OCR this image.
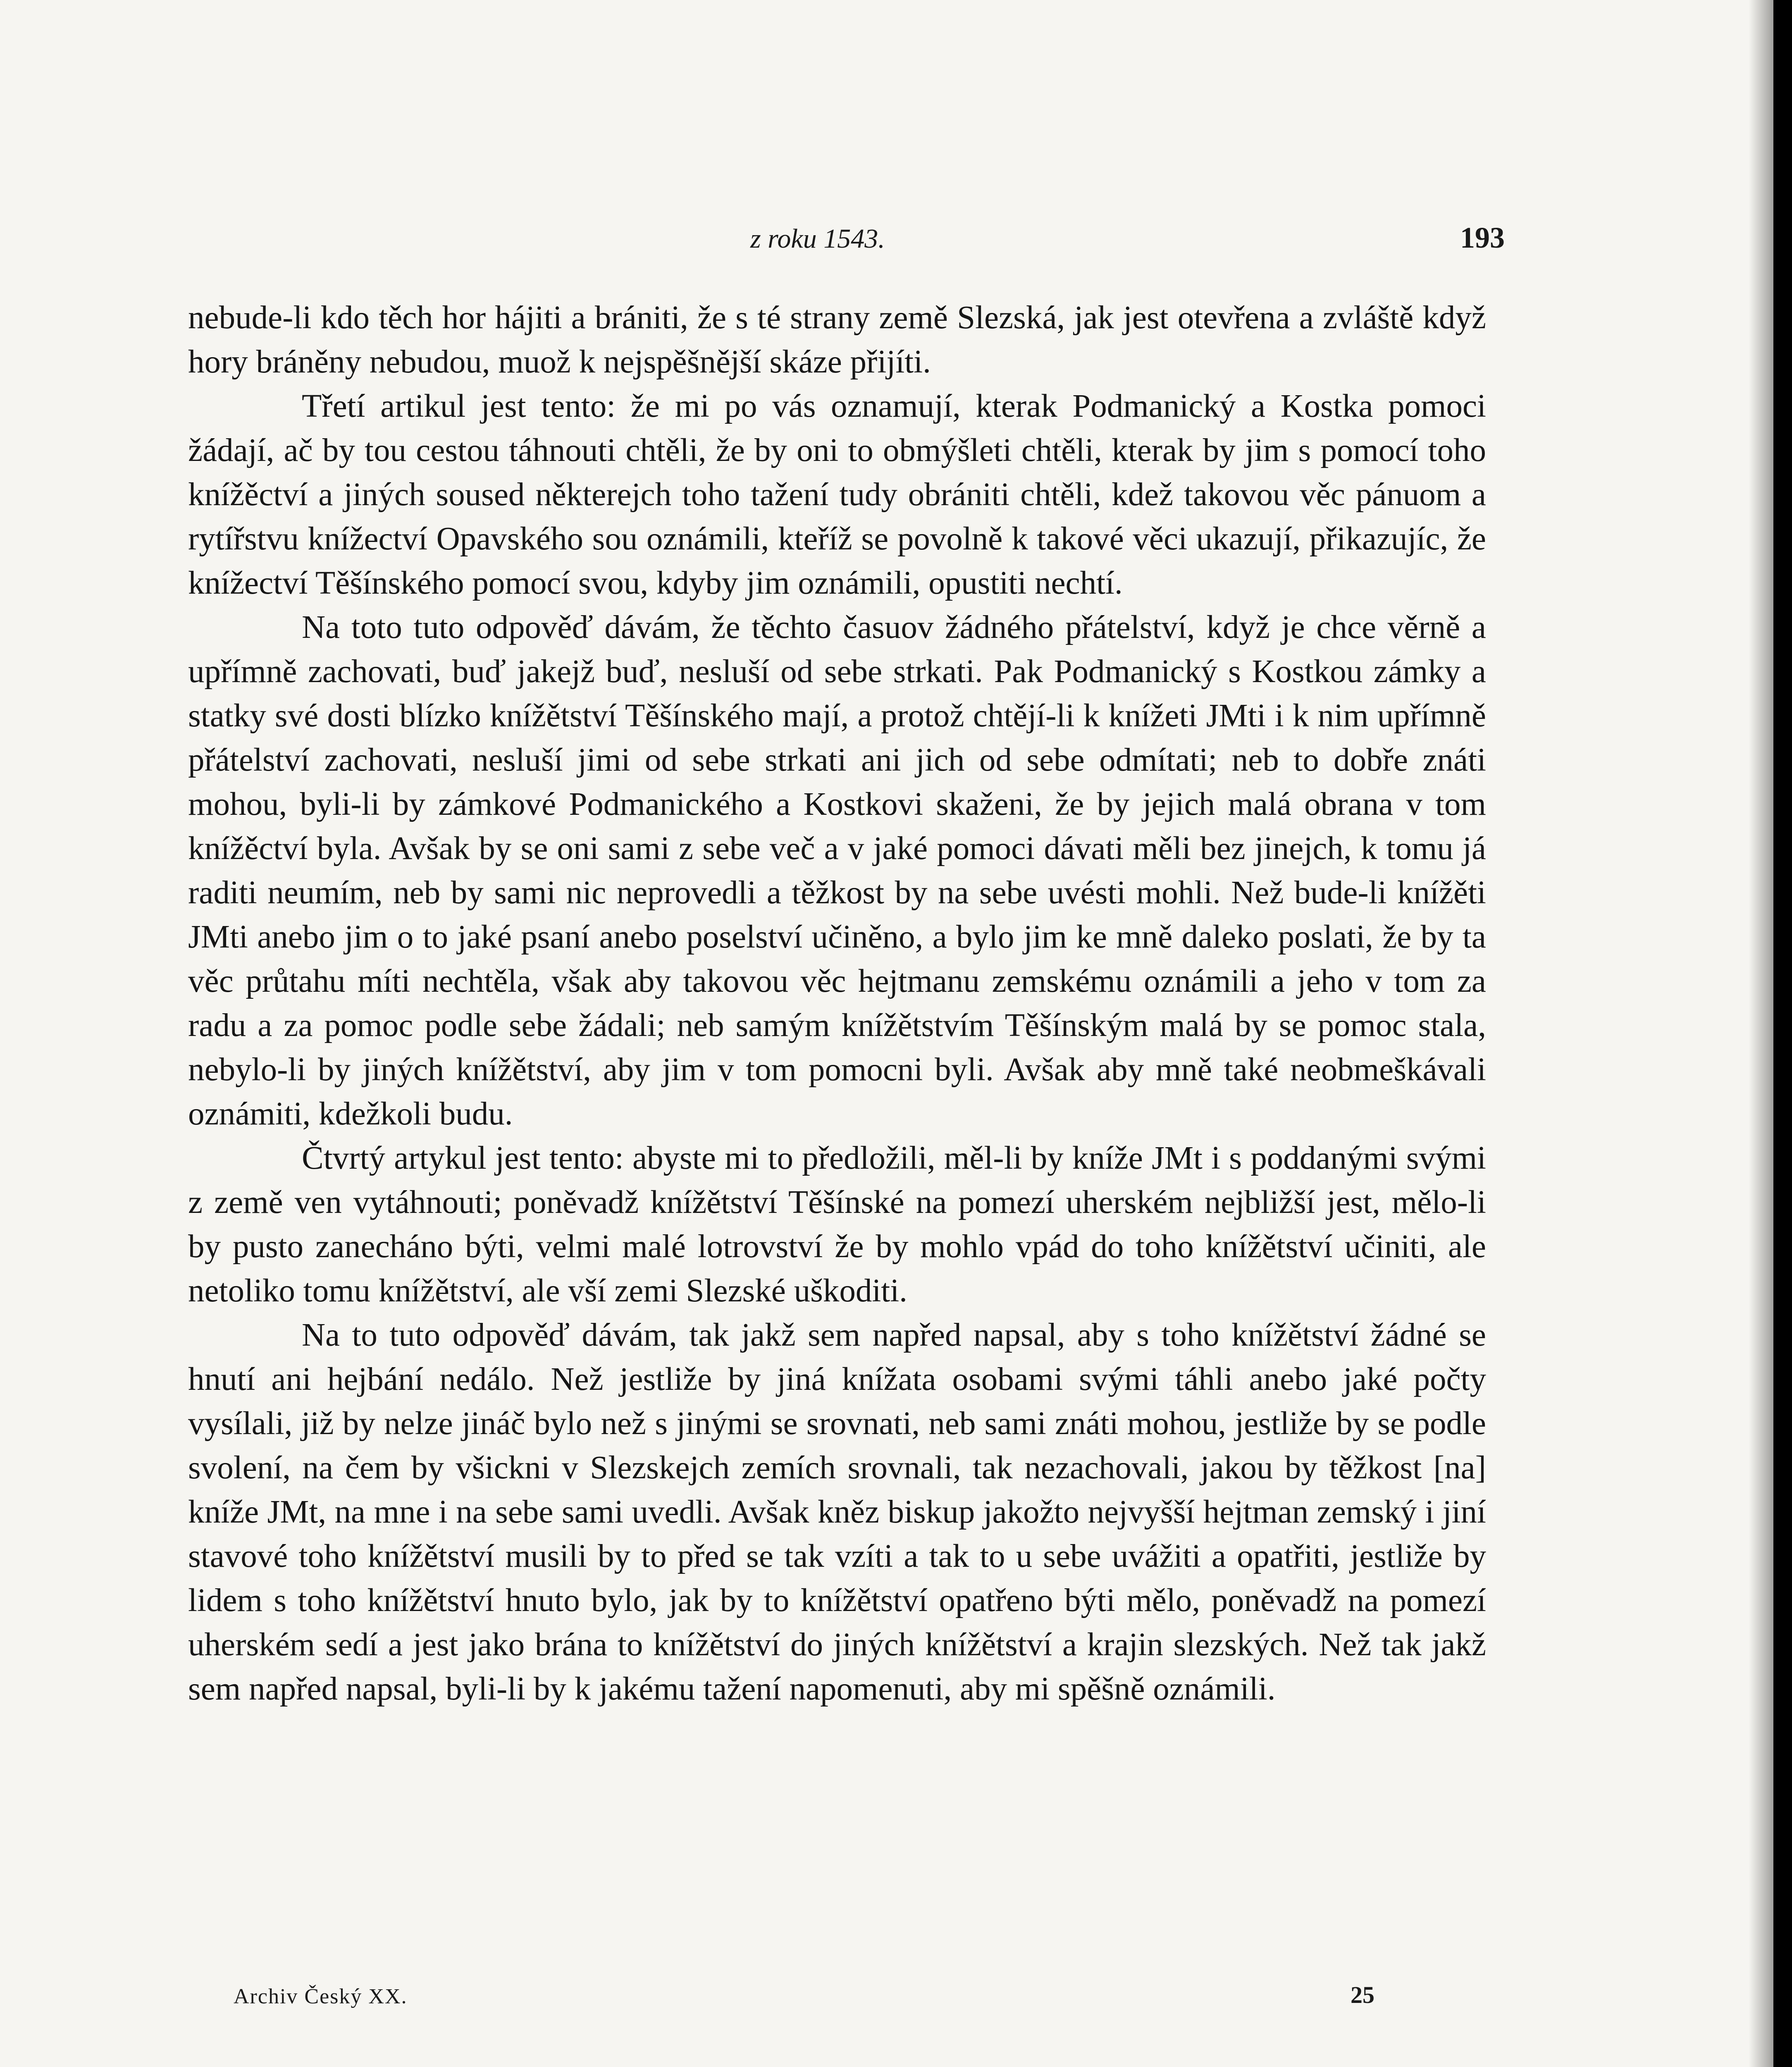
z roku 1543.	193

nebude-li kdo těch hor hájiti a brániti, že s té strany země Slezská, jak jest otevřena a zvláště když hory bráněny nebudou, muož k nejspěšnější skáze přijíti.

Třetí artikul jest tento: že mi po vás oznamují, kterak Podmanický a Kostka pomoci žádají, ač by tou cestou táhnouti chtěli, že by oni to obmýšleti chtěli, kterak by jim s pomocí toho knížěctví a jiných soused některejch toho tažení tudy obrániti chtěli, kdež takovou věc pánuom a rytířstvu knížectví Opavského sou oznámili, kteříž se povolně k takové věci ukazují, přikazujíc, že knížectví Těšínského pomocí svou, kdyby jim oznámili, opustiti nechtí.

Na toto tuto odpověď dávám, že těchto časuov žádného přátelství, když je chce věrně a upřímně zachovati, buď jakejž buď, nesluší od sebe strkati. Pak Podmanický s Kostkou zámky a statky své dosti blízko knížětství Těšínského mají, a protož chtějí-li k knížeti JMti i k nim upřímně přátelství zachovati, nesluší jimi od sebe strkati ani jich od sebe odmítati; neb to dobře znáti mohou, byli-li by zámkové Podmanického a Kostkovi skaženi, že by jejich malá obrana v tom knížěctví byla. Avšak by se oni sami z sebe več a v jaké pomoci dávati měli bez jinejch, k tomu já raditi neumím, neb by sami nic neprovedli a těžkost by na sebe uvésti mohli. Než bude-li knížěti JMti anebo jim o to jaké psaní anebo poselství učiněno, a bylo jim ke mně daleko poslati, že by ta věc průtahu míti nechtěla, však aby takovou věc hejtmanu zemskému oznámili a jeho v tom za radu a za pomoc podle sebe žádali; neb samým knížětstvím Těšínským malá by se pomoc stala, nebylo-li by jiných knížětství, aby jim v tom pomocni byli. Avšak aby mně také neobmeškávali oznámiti, kdežkoli budu.

Čtvrtý artykul jest tento: abyste mi to předložili, měl-li by kníže JMt i s poddanými svými z země ven vytáhnouti; poněvadž knížětství Těšínské na pomezí uherském nejbližší jest, mělo-li by pusto zanecháno býti, velmi malé lotrovství že by mohlo vpád do toho knížětství učiniti, ale netoliko tomu knížětství, ale vší zemi Slezské uškoditi.

Na to tuto odpověď dávám, tak jakž sem napřed napsal, aby s toho knížětství žádné se hnutí ani hejbání nedálo. Než jestliže by jiná knížata osobami svými táhli anebo jaké počty vysílali, již by nelze jináč bylo než s jinými se srovnati, neb sami znáti mohou, jestliže by se podle svolení, na čem by všickni v Slezskejch zemích srovnali, tak nezachovali, jakou by těžkost [na] kníže JMt, na mne i na sebe sami uvedli. Avšak kněz biskup jakožto nejvyšší hejtman zemský i jiní stavové toho knížětství musili by to před se tak vzíti a tak to u sebe uvážiti a opatřiti, jestliže by lidem s toho knížětství hnuto bylo, jak by to knížětství opatřeno býti mělo, poněvadž na pomezí uherském sedí a jest jako brána to knížětství do jiných knížětství a krajin slezských. Než tak jakž sem napřed napsal, byli-li by k jakému tažení napomenuti, aby mi spěšně oznámili.

Archiv Český XX.	25
